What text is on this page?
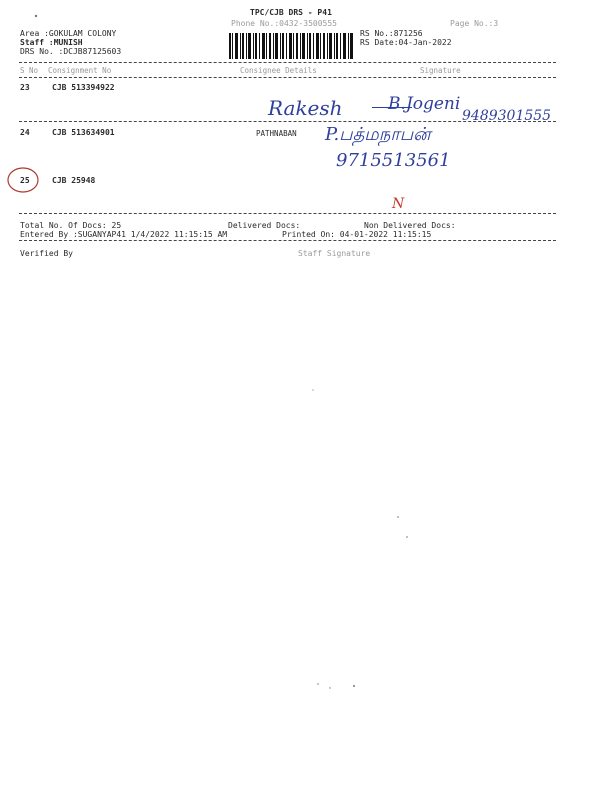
TPC/CJB DRS - P41
Phone No.:0432-3500555	Page No.:3
Area :GOKULAM COLONY
Staff :MUNISH
DRS No. :DCJB87125603
RS No.:871256
RS Date:04-Jan-2022
S No Consignment No	Consignee Details	Signature
23	CJB 513394922
24	CJB 513634901	PATHNABAN
25	CJB 25948
Rakesh	B.Jogeni
9489301555
P.பத்மநாபன்
9715513561
N
Total No. Of Docs: 25	Delivered Docs:	Non Delivered Docs:
Entered By :SUGANYAP41 1/4/2022 11:15:15 AM	Printed On: 04-01-2022 11:15:15
Verified By	Staff Signature
